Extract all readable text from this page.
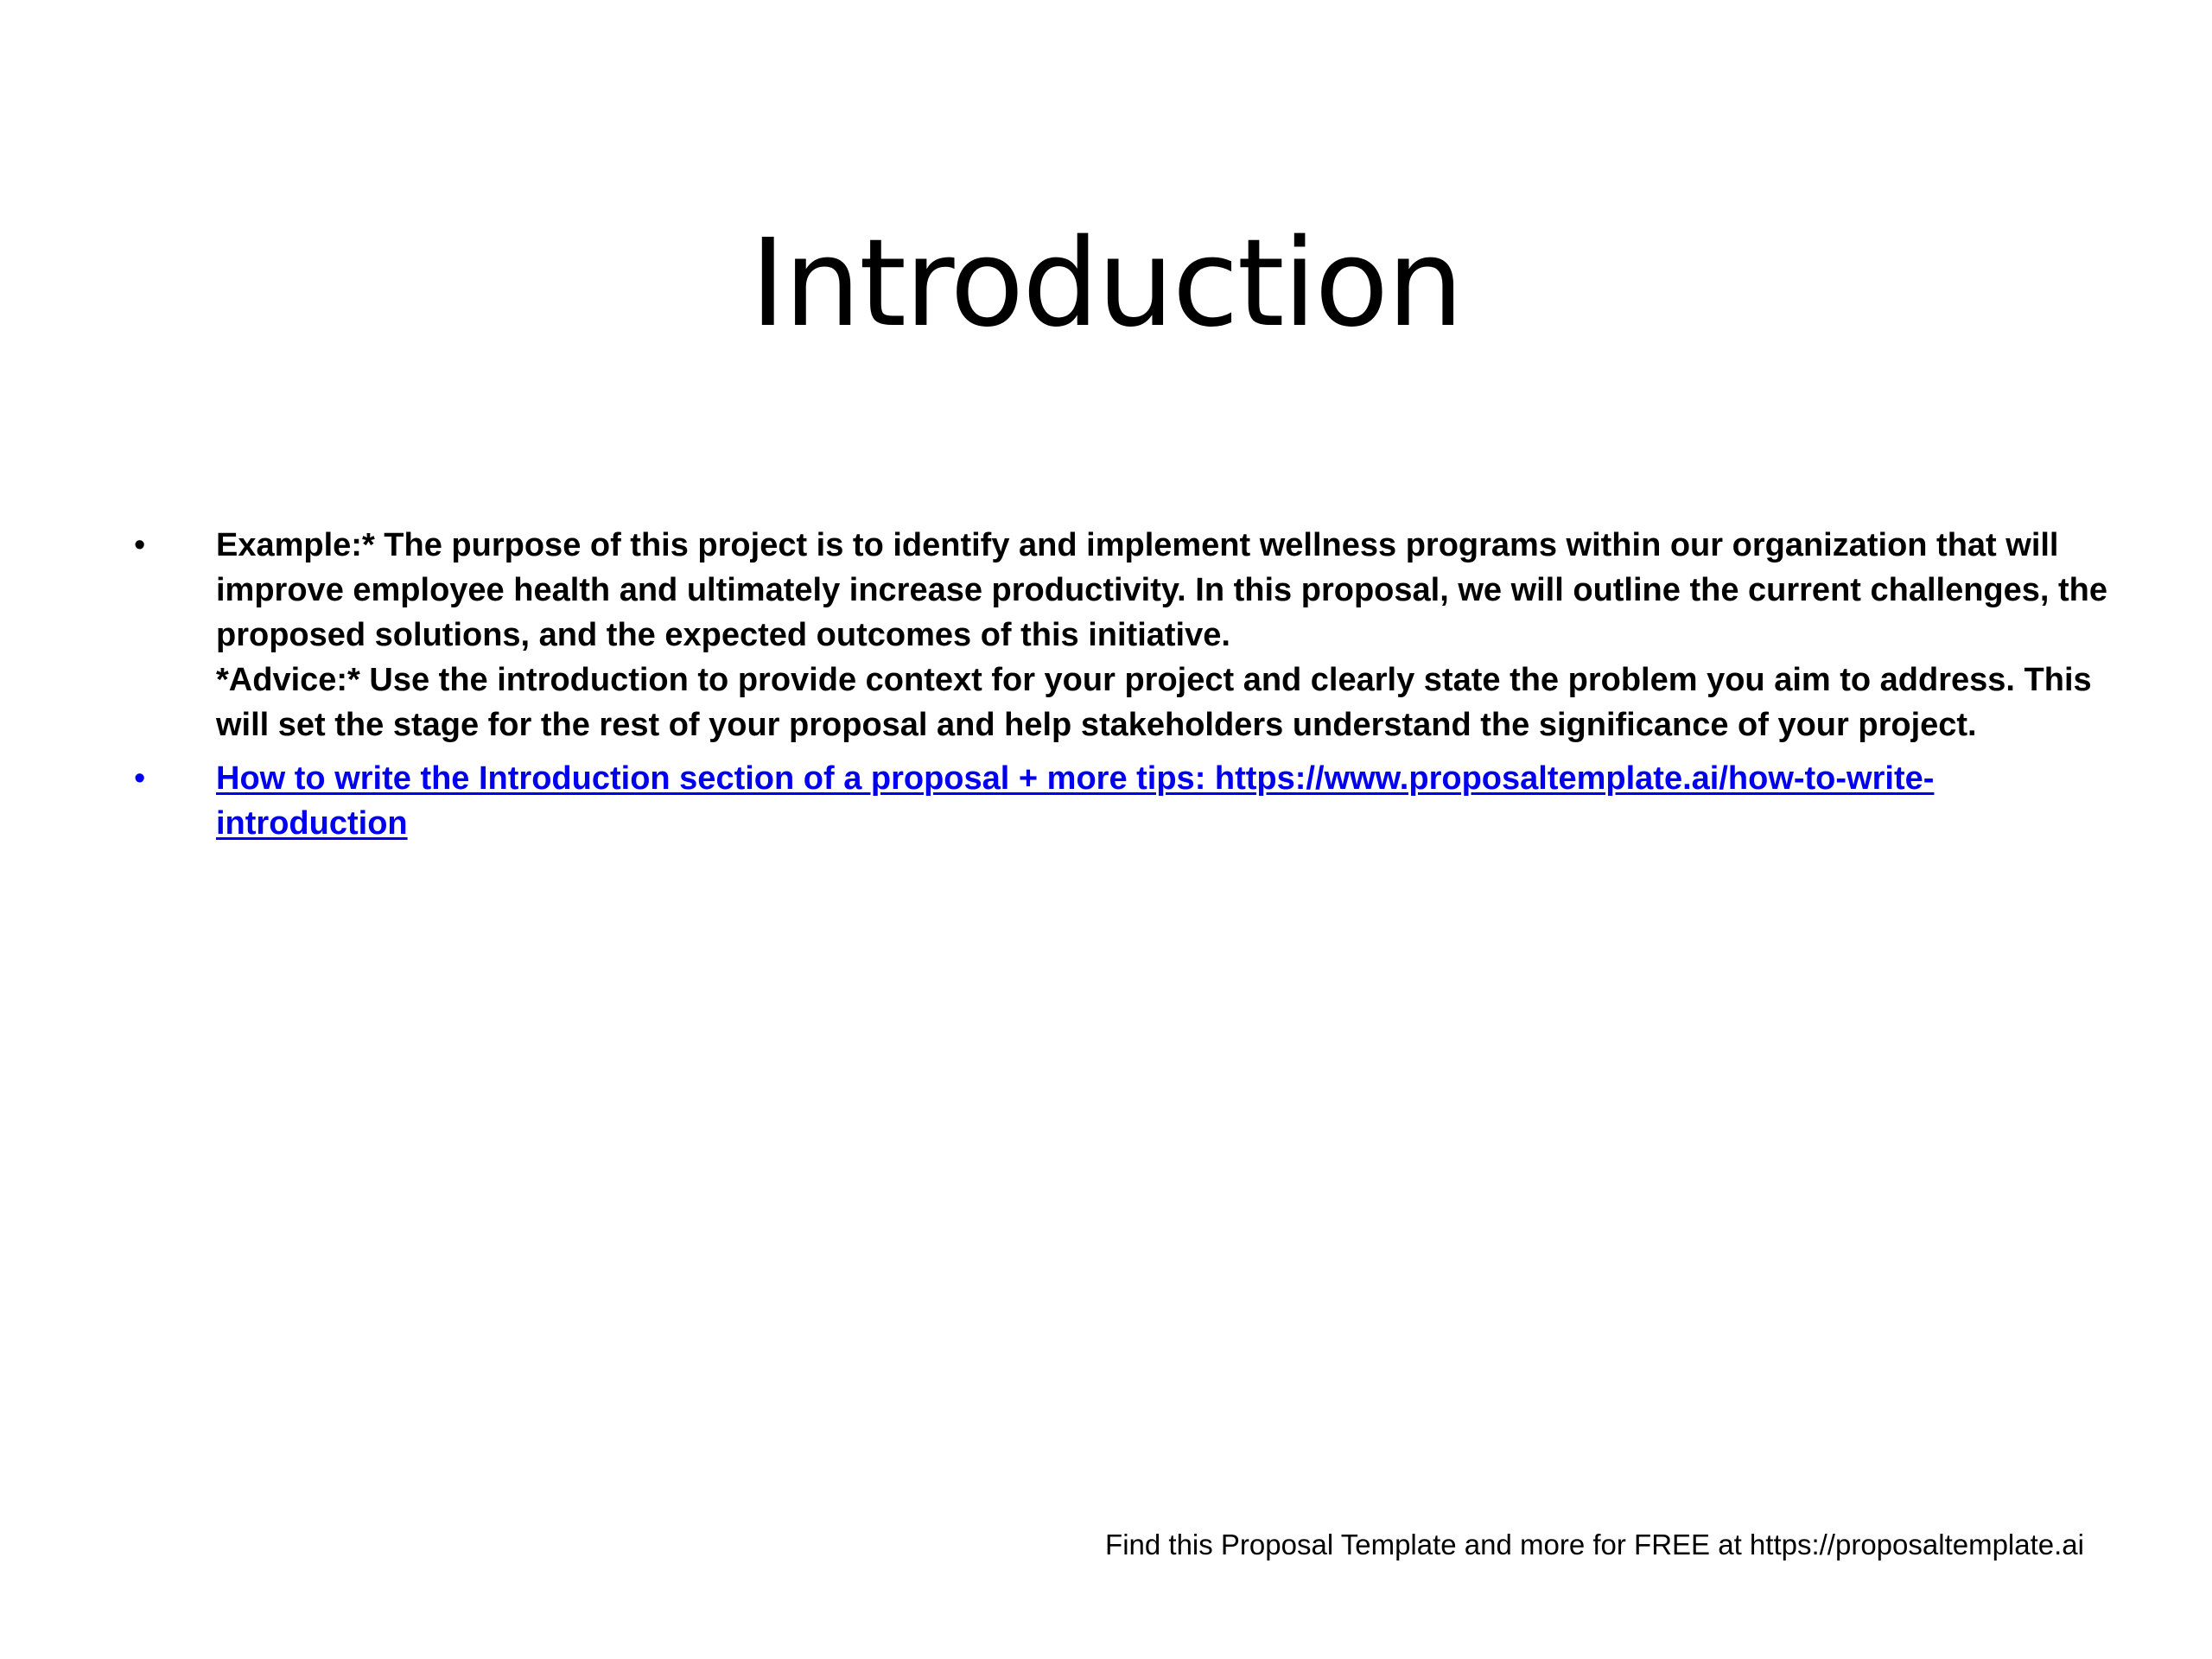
Introduction
•	Example:* The purpose of this project is to identify and implement wellness programs within our organization that will improve employee health and ultimately increase productivity. In this proposal, we will outline the current challenges, the proposed solutions, and the expected outcomes of this initiative.
*Advice:* Use the introduction to provide context for your project and clearly state the problem you aim to address. This will set the stage for the rest of your proposal and help stakeholders understand the significance of your project.
•	How to write the Introduction section of a proposal + more tips: https://www.proposaltemplate.ai/how-to-write-introduction
Find this Proposal Template and more for FREE at https://proposaltemplate.ai
